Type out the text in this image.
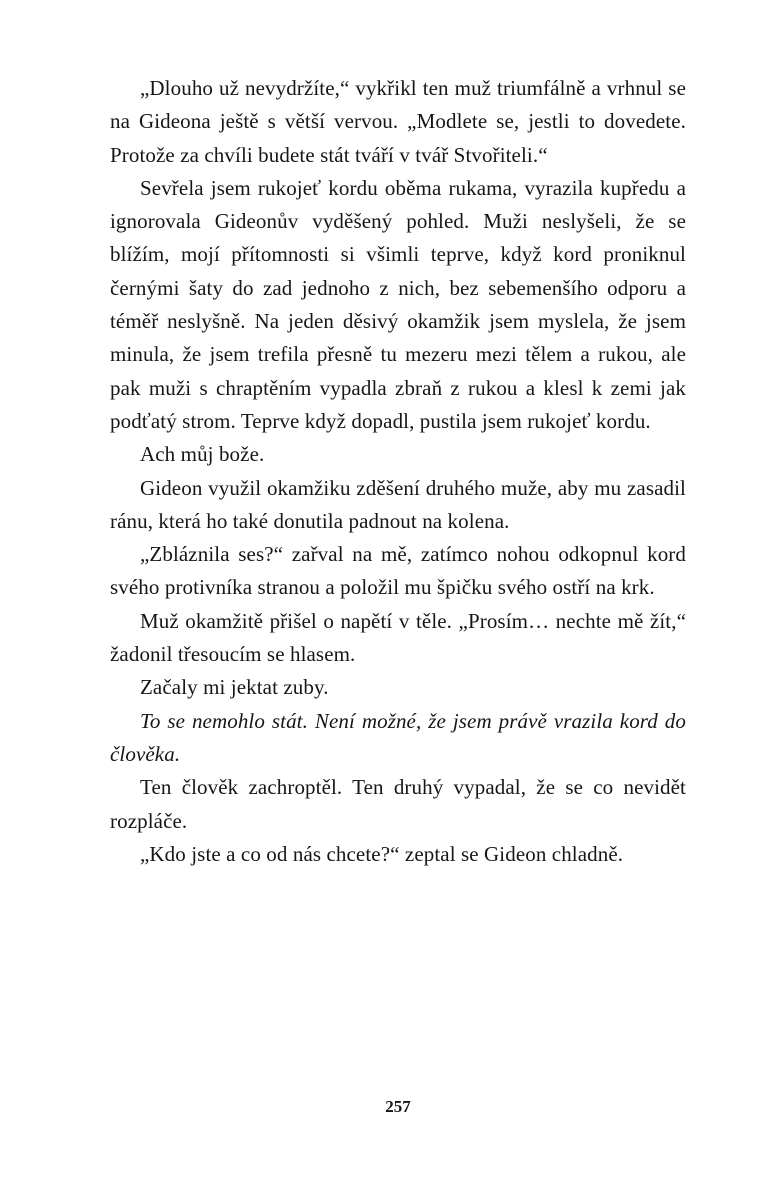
„Dlouho už nevydržíte,“ vykřikl ten muž triumfálně a vrhnul se na Gideona ještě s větší vervou. „Modlete se, jestli to dovedete. Protože za chvíli budete stát tváří v tvář Stvořiteli.“

Sevřela jsem rukojeť kordu oběma rukama, vyrazila kupředu a ignorovala Gideonův vyděšený pohled. Muži neslyšeli, že se blížím, mojí přítomnosti si všimli teprve, když kord proniknul černými šaty do zad jednoho z nich, bez sebemenšího odporu a téměř neslyšně. Na jeden děsivý okamžik jsem myslela, že jsem minula, že jsem trefila přesně tu mezeru mezi tělem a rukou, ale pak muži s chraptěním vypadla zbraň z rukou a klesl k zemi jak podťatý strom. Teprve když dopadl, pustila jsem rukojeť kordu.

Ach můj bože.

Gideon využil okamžiku zděšení druhého muže, aby mu zasadil ránu, která ho také donutila padnout na kolena.

„Zbláznila ses?“ zařval na mě, zatímco nohou odkopnul kord svého protivníka stranou a položil mu špičku svého ostří na krk.

Muž okamžitě přišel o napětí v těle. „Prosím… nechte mě žít,“ žadonil třesoucím se hlasem.

Začaly mi jektat zuby.

To se nemohlo stát. Není možné, že jsem právě vrazila kord do člověka.

Ten člověk zachroptěl. Ten druhý vypadal, že se co nevidět rozpláče.

„Kdo jste a co od nás chcete?“ zeptal se Gideon chladně.

257
